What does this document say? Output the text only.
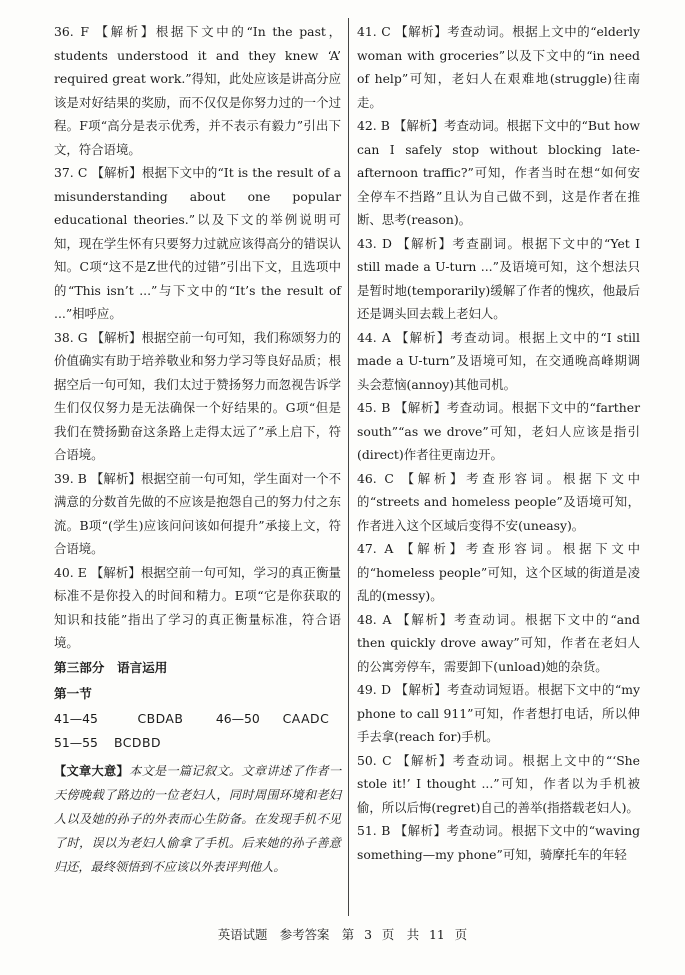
36. F 【解析】根据下文中的“In the past，students understood it and they knew ‘A’ required great work.”得知，此处应该是讲高分应该是对好结果的奖励，而不仅仅是你努力过的一个过程。F项“高分是表示优秀，并不表示有毅力”引出下文，符合语境。

37. C 【解析】根据下文中的“It is the result of a misunderstanding about one popular educational theories.”以及下文的举例说明可知，现在学生怀有只要努力过就应该得高分的错误认知。C项“这不是Z世代的过错”引出下文，且选项中的“This isn’t ...”与下文中的“It’s the result of ...”相呼应。

38. G 【解析】根据空前一句可知，我们称颂努力的价值确实有助于培养敬业和努力学习等良好品质；根据空后一句可知，我们太过于赞扬努力而忽视告诉学生们仅仅努力是无法确保一个好结果的。G项“但是我们在赞扬勤奋这条路上走得太远了”承上启下，符合语境。

39. B 【解析】根据空前一句可知，学生面对一个不满意的分数首先做的不应该是抱怨自己的努力付之东流。B项“(学生)应该问问该如何提升”承接上文，符合语境。

40. E 【解析】根据空前一句可知，学习的真正衡量标准不是你投入的时间和精力。E项“它是你获取的知识和技能”指出了学习的真正衡量标准，符合语境。

第三部分　语言运用

第一节

41—45	CBDAB	46—50	CAADC
51—55	BCDBD

【文章大意】本文是一篇记叙文。文章讲述了作者一天傍晚载了路边的一位老妇人，同时周围环境和老妇人以及她的孙子的外表而心生防备。在发现手机不见了时，误以为老妇人偷拿了手机。后来她的孙子善意归还，最终领悟到不应该以外表评判他人。

41. C 【解析】考查动词。根据上文中的“elderly woman with groceries”以及下文中的“in need of help”可知，老妇人在艰难地(struggle)往南走。

42. B 【解析】考查动词。根据下文中的“But how can I safely stop without blocking late-afternoon traffic?”可知，作者当时在想“如何安全停车不挡路”且认为自己做不到，这是作者在推断、思考(reason)。

43. D 【解析】考查副词。根据下文中的“Yet I still made a U-turn ...”及语境可知，这个想法只是暂时地(temporarily)缓解了作者的愧疚，他最后还是调头回去载上老妇人。

44. A 【解析】考查动词。根据上文中的“I still made a U-turn”及语境可知，在交通晚高峰期调头会惹恼(annoy)其他司机。

45. B 【解析】考查动词。根据下文中的“farther south”“as we drove”可知，老妇人应该是指引(direct)作者往更南边开。

46. C 【解析】考查形容词。根据下文中的“streets and homeless people”及语境可知，作者进入这个区域后变得不安(uneasy)。

47. A 【解析】考查形容词。根据下文中的“homeless people”可知，这个区域的街道是凌乱的(messy)。

48. A 【解析】考查动词。根据下文中的“and then quickly drove away”可知，作者在老妇人的公寓旁停车，需要卸下(unload)她的杂货。

49. D 【解析】考查动词短语。根据下文中的“my phone to call 911”可知，作者想打电话，所以伸手去拿(reach for)手机。

50. C 【解析】考查动词。根据上文中的“‘She stole it!’ I thought ...”可知，作者以为手机被偷，所以后悔(regret)自己的善举(指搭载老妇人)。

51. B 【解析】考查动词。根据下文中的“waving something—my phone”可知，骑摩托车的年轻

英语试题　参考答案　第 3 页　共 11 页
